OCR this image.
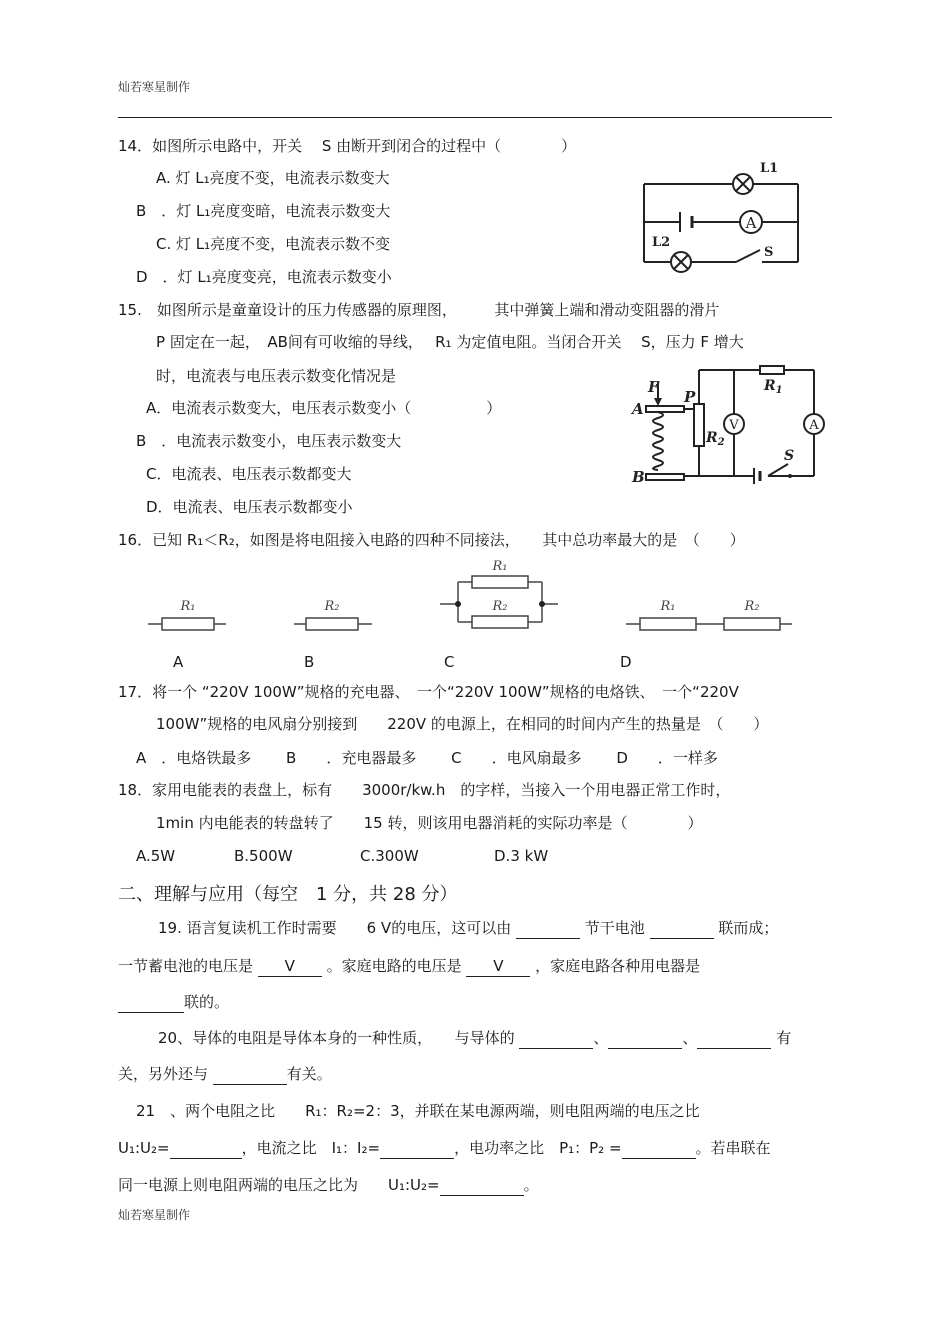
灿若寒星制作
14．如图所示电路中，开关　 S 由断开到闭合的过程中（　　　　）
A. 灯 L₁亮度不变，电流表示数变大
B　．灯 L₁亮度变暗，电流表示数变大
C. 灯 L₁亮度不变，电流表示数不变
D　．灯 L₁亮度变亮，电流表示数变小
A
L1
L2
S
15.　如图所示是童童设计的压力传感器的原理图，　　　其中弹簧上端和滑动变阻器的滑片
P 固定在一起，　AB间有可收缩的导线，　 R₁ 为定值电阻。当闭合开关　 S，压力 F 增大
时，电流表与电压表示数变化情况是
A．电流表示数变大，电压表示数变小（　　　　　）
B　．电流表示数变小，电压表示数变大
C．电流表、电压表示数都变大
D．电流表、电压表示数都变小
V	A
F
A
B
P
$R_2$
$R_1$
S
16．已知 R₁＜R₂，如图是将电阻接入电路的四种不同接法，　　其中总功率最大的是　（　　）
R₁	R₂
R₁
R₂	R₁	R₂
A	B	C	D
17．将一个 “220V 100W”规格的充电器、　一个“220V 100W”规格的电烙铁、　一个“220V
100W”规格的电风扇分别接到　　220V 的电源上，在相同的时间内产生的热量是　（　　）
A　．电烙铁最多　　 B　　．充电器最多　　 C　　．电风扇最多　　 D　　．一样多
18．家用电能表的表盘上，标有　　3000r/kw.h　的字样，当接入一个用电器正常工作时，
1min 内电能表的转盘转了　　15 转，则该用电器消耗的实际功率是（　　　　）
A.5W	B.500W	C.300W	D.3 kW
二、理解与应用（每空　1 分，共 28 分）
19. 语言复读机工作时需要　　6 V的电压，这可以由	节干电池	联而成；
一节蓄电池的电压是 V 。家庭电路的电压是 V ，家庭电路各种用电器是
联的。
20、导体的电阻是导体本身的一种性质，　　与导体的	、	、	有
关，另外还与	有关。
21　、两个电阻之比　　R₁：R₂=2：3，并联在某电源两端，则电阻两端的电压之比
U₁:U₂=	，电流之比　I₁：I₂=	，电功率之比　P₁：P₂ =	。若串联在
同一电源上则电阻两端的电压之比为　　U₁:U₂=	。
灿若寒星制作
